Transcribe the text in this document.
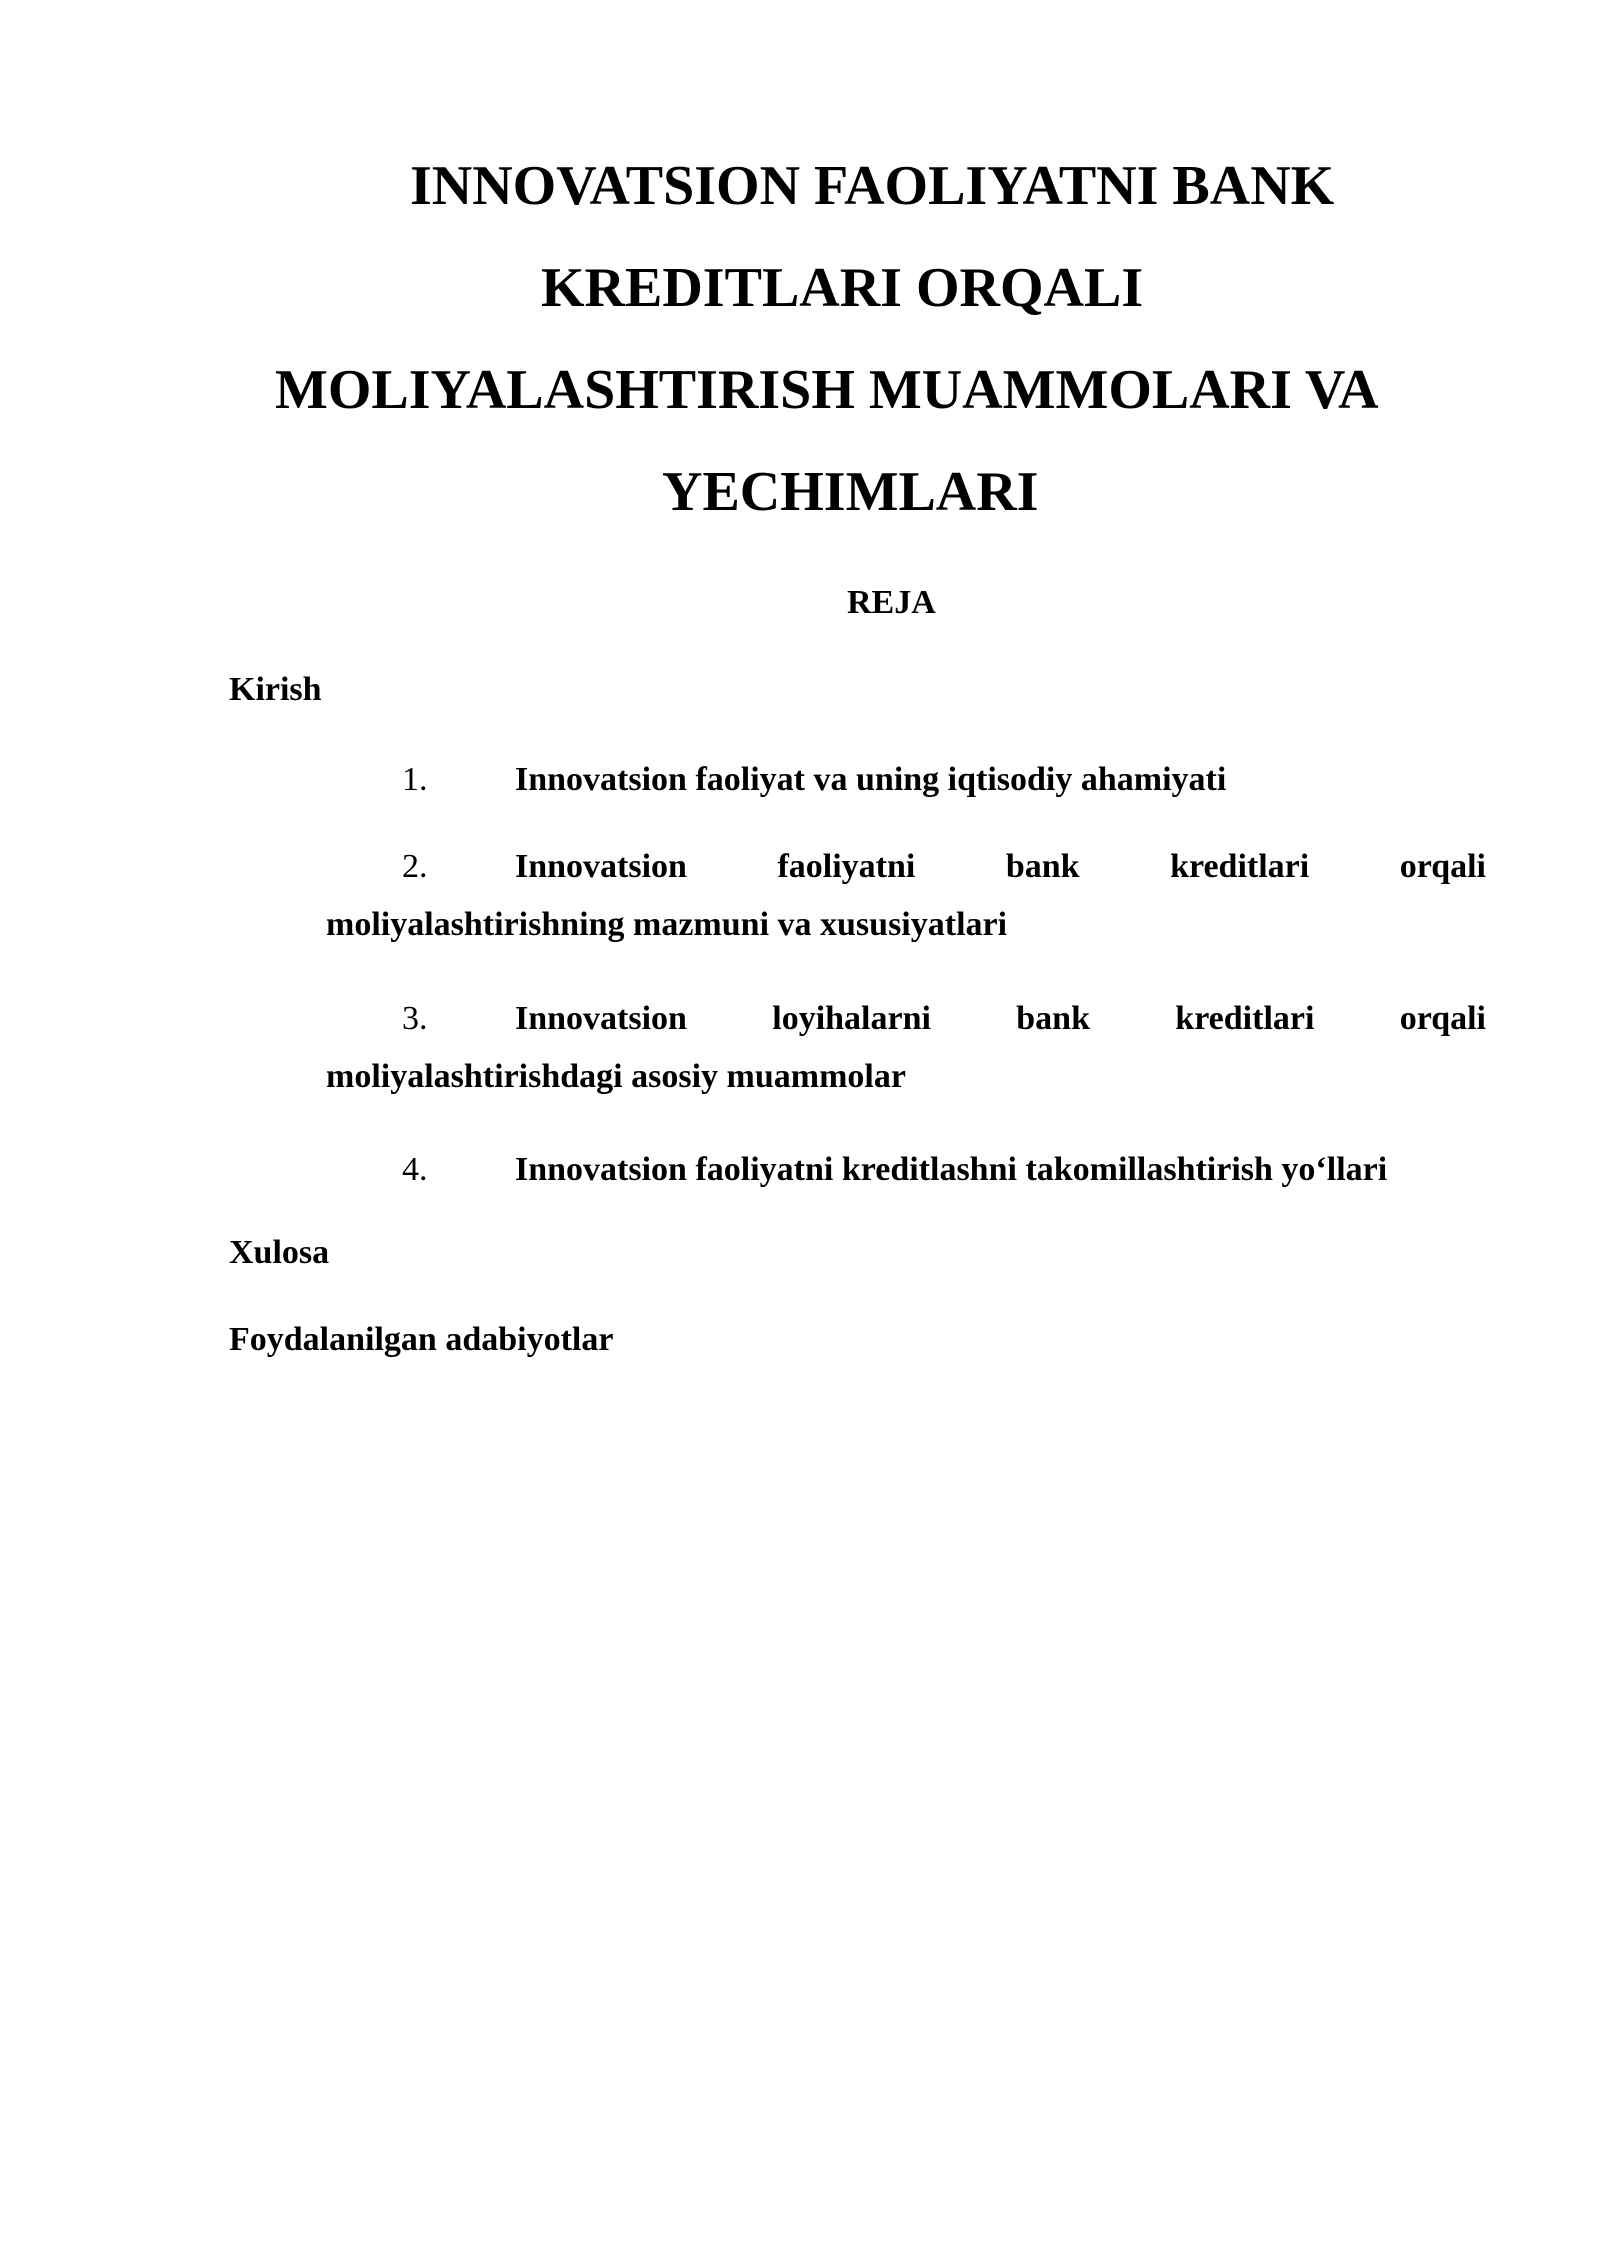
INNOVATSION FAOLIYATNI BANK
KREDITLARI ORQALI
MOLIYALASHTIRISH MUAMMOLARI VA
YECHIMLARI
REJA
Kirish
1.	Innovatsion faoliyat va uning iqtisodiy ahamiyati
2.	Innovatsion faoliyatni bank kreditlari orqali
moliyalashtirishning mazmuni va xususiyatlari
3.	Innovatsion loyihalarni bank kreditlari orqali
moliyalashtirishdagi asosiy muammolar
4.	Innovatsion faoliyatni kreditlashni takomillashtirish yo‘llari
Xulosa
Foydalanilgan adabiyotlar
